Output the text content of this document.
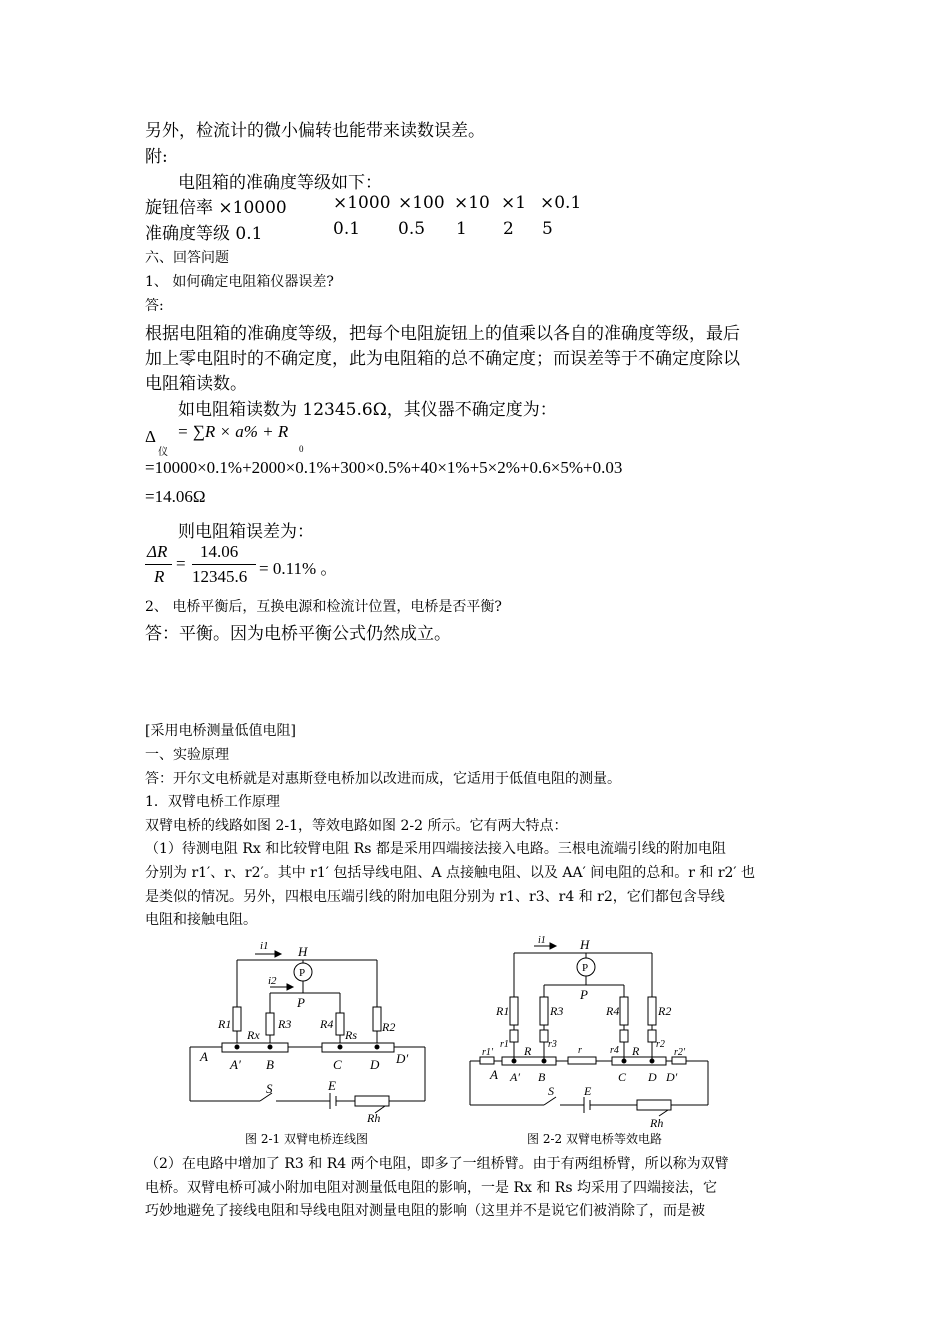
另外，检流计的微小偏转也能带来读数误差。
附:
电阻箱的准确度等级如下：
旋钮倍率 ×10000	×1000 ×100 ×10 ×1 ×0.1
准确度等级 0.1	0.1 0.5 1 2 5
六、回答问题
1、 如何确定电阻箱仪器误差?
答:
根据电阻箱的准确度等级，把每个电阻旋钮上的值乘以各自的准确度等级，最后
加上零电阻时的不确定度，此为电阻箱的总不确定度；而误差等于不确定度除以
电阻箱读数。
如电阻箱读数为 12345.6Ω，其仪器不确定度为：
Δ
仪
= ∑R × a% + R
0
=10000×0.1%+2000×0.1%+300×0.5%+40×1%+5×2%+0.6×5%+0.03
=14.06Ω
则电阻箱误差为：
ΔR
R
=
14.06
12345.6 = 0.11% 。
2、 电桥平衡后，互换电源和检流计位置，电桥是否平衡?
答：平衡。因为电桥平衡公式仍然成立。
[采用电桥测量低值电阻]
一、实验原理
答：开尔文电桥就是对惠斯登电桥加以改进而成，它适用于低值电阻的测量。
1．双臂电桥工作原理
双臂电桥的线路如图 2-1，等效电路如图 2-2 所示。它有两大特点：
（1）待测电阻 Rx 和比较臂电阻 Rs 都是采用四端接法接入电路。三根电流端引线的附加电阻
分别为 r1′、r、r2′。其中 r1′ 包括导线电阻、A 点接触电阻、以及 AA′ 间电阻的总和。r 和 r2′ 也
是类似的情况。另外，四根电压端引线的附加电阻分别为 r1、r3、r4 和 r2，它们都包含导线
电阻和接触电阻。
H
P
P
i1
i2
R1	R3 R4	R2
Rx	Rs
A
A′ B	C D D′
S	E
Rh
图 2-1 双臂电桥连线图
H
P
P
i1
R1	R3	R4	R2
r1′
r1	r3
r	r4
r2
r2′
R	R
A A′ B	C D D′
S	E
Rh
图 2-2 双臂电桥等效电路
（2）在电路中增加了 R3 和 R4 两个电阻，即多了一组桥臂。由于有两组桥臂，所以称为双臂
电桥。双臂电桥可减小附加电阻对测量低电阻的影响，一是 Rx 和 Rs 均采用了四端接法，它
巧妙地避免了接线电阻和导线电阻对测量电阻的影响（这里并不是说它们被消除了，而是被
